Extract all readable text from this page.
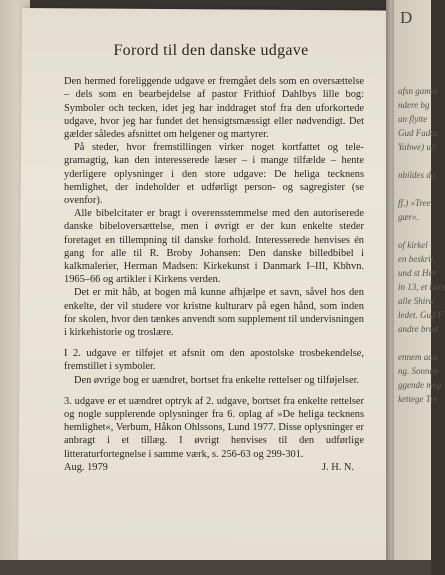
D
afsn gamm
ndere bg
an flytte
Gud Fader,
Yahwe) uti
nbildes do
ff.) »Tree
gær«.
of kirkel
en beskrit
und st Her
in 13, et kors
alle Shira
ledet. Gud F
andre brud
ennem aan
ng. Sonnen
ggende meg
kettege Tre
Forord til den danske udgave

Den hermed foreliggende udgave er fremgået dels som en oversættelse – dels som en bearbejdelse af pastor Frithiof Dahlbys lille bog: Symboler och tecken, idet jeg har inddraget stof fra den uforkortede udgave, hvor jeg har fundet det hensigtsmæssigt eller nødvendigt. Det gælder således afsnittet om helgener og martyrer.

På steder, hvor fremstillingen virker noget kortfattet og telegramagtig, kan den interesserede læser – i mange tilfælde – hente yderligere oplysninger i den store udgave: De heliga tecknens hemlighet, der indeholder et udførligt person- og sagregister (se ovenfor).

Alle bibelcitater er bragt i overensstemmelse med den autoriserede danske bibeloversættelse, men i øvrigt er der kun enkelte steder foretaget en tillempning til danske forhold. Interesserede henvises én gang for alle til R. Broby Johansen: Den danske billedbibel i kalkmalerier, Herman Madsen: Kirkekunst i Danmark I–III, Kbhvn. 1965–66 og artikler i Kirkens verden.

Det er mit håb, at bogen må kunne afhjælpe et savn, såvel hos den enkelte, der vil studere vor kristne kulturarv på egen hånd, som inden for skolen, hvor den tænkes anvendt som supplement til undervisningen i kirkehistorie og troslære.

I 2. udgave er tilføjet et afsnit om den apostolske trosbekendelse, fremstillet i symboler.

Den øvrige bog er uændret, bortset fra enkelte rettelser og tilføjelser.

3. udgave er et uændret optryk af 2. udgave, bortset fra enkelte rettelser og nogle supplerende oplysninger fra 6. oplag af »De heliga tecknens hemlighet«, Verbum, Håkon Ohlssons, Lund 1977. Disse oplysninger er anbragt i et tillæg. I øvrigt henvises til den udførlige litteraturfortegnelse i samme værk, s. 256-63 og 299-301.

Aug. 1979	J. H. N.
